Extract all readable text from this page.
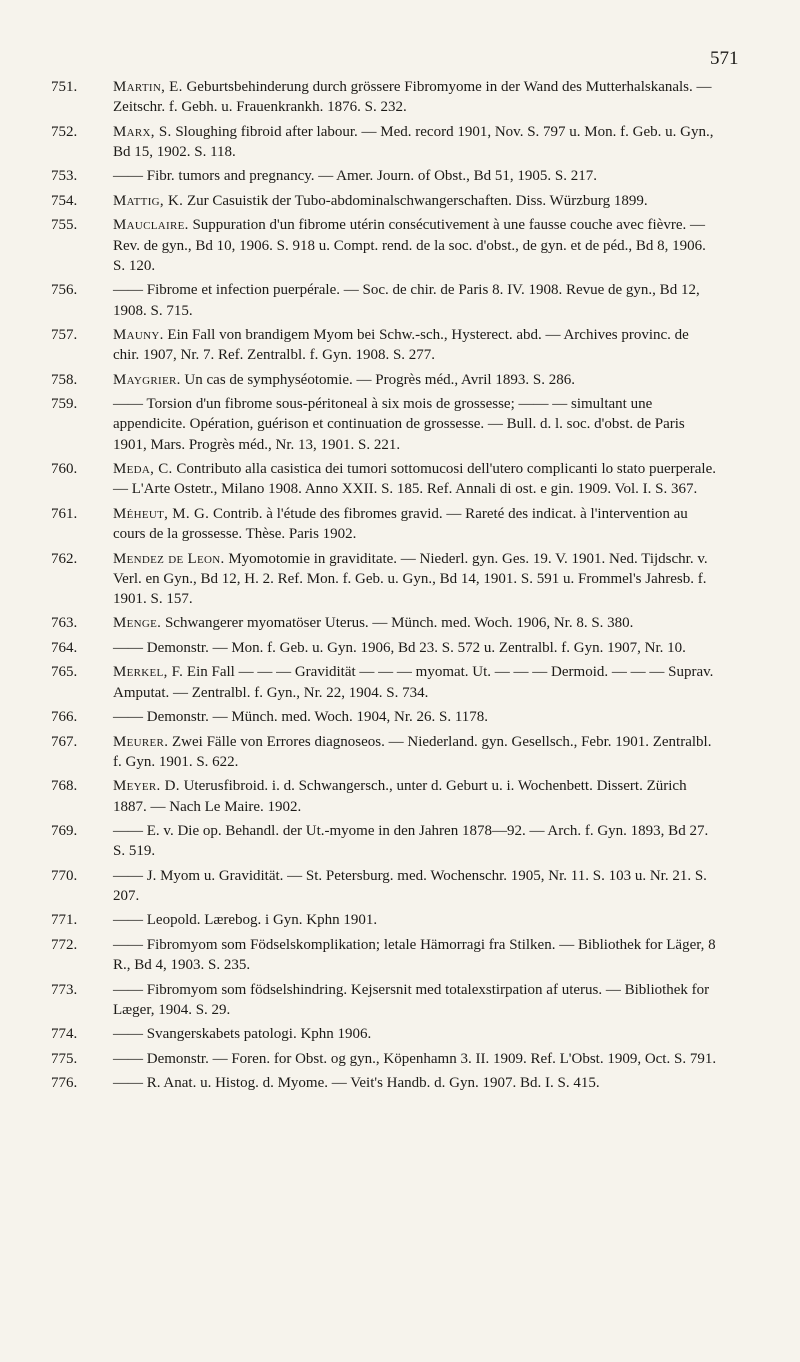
571
751. Martin, E. Geburtsbehinderung durch grössere Fibromyome in der Wand des Mutterhalskanals. — Zeitschr. f. Gebh. u. Frauenkrankh. 1876. S. 232.
752. Marx, S. Sloughing fibroid after labour. — Med. record 1901, Nov. S. 797 u. Mon. f. Geb. u. Gyn., Bd 15, 1902. S. 118.
753. —— Fibr. tumors and pregnancy. — Amer. Journ. of Obst., Bd 51, 1905. S. 217.
754. Mattig, K. Zur Casuistik der Tubo-abdominalschwangerschaften. Diss. Würzburg 1899.
755. Mauclaire. Suppuration d'un fibrome utérin consécutivement à une fausse couche avec fièvre. — Rev. de gyn., Bd 10, 1906. S. 918 u. Compt. rend. de la soc. d'obst., de gyn. et de péd., Bd 8, 1906. S. 120.
756. —— Fibrome et infection puerpérale. — Soc. de chir. de Paris 8. IV. 1908. Revue de gyn., Bd 12, 1908. S. 715.
757. Mauny. Ein Fall von brandigem Myom bei Schw.-sch., Hysterect. abd. — Archives provinc. de chir. 1907, Nr. 7. Ref. Zentralbl. f. Gyn. 1908. S. 277.
758. Maygrier. Un cas de symphyséotomie. — Progrès méd., Avril 1893. S. 286.
759. —— Torsion d'un fibrome sous-péritoneal à six mois de grossesse; —— — simultant une appendicite. Opération, guérison et continuation de grossesse. — Bull. d. l. soc. d'obst. de Paris 1901, Mars. Progrès méd., Nr. 13, 1901. S. 221.
760. Meda, C. Contributo alla casistica dei tumori sottomucosi dell'utero complicanti lo stato puerperale. — L'Arte Ostetr., Milano 1908. Anno XXII. S. 185. Ref. Annali di ost. e gin. 1909. Vol. I. S. 367.
761. Méheut, M. G. Contrib. à l'étude des fibromes gravid. — Rareté des indicat. à l'intervention au cours de la grossesse. Thèse. Paris 1902.
762. Mendez de Leon. Myomotomie in graviditate. — Niederl. gyn. Ges. 19. V. 1901. Ned. Tijdschr. v. Verl. en Gyn., Bd 12, H. 2. Ref. Mon. f. Geb. u. Gyn., Bd 14, 1901. S. 591 u. Frommel's Jahresb. f. 1901. S. 157.
763. Menge. Schwangerer myomatöser Uterus. — Münch. med. Woch. 1906, Nr. 8. S. 380.
764. —— Demonstr. — Mon. f. Geb. u. Gyn. 1906, Bd 23. S. 572 u. Zentralbl. f. Gyn. 1907, Nr. 10.
765. Merkel, F. Ein Fall — — — Gravidität — — — myomat. Ut. — — — Dermoid. — — — Suprav. Amputat. — Zentralbl. f. Gyn., Nr. 22, 1904. S. 734.
766. —— Demonstr. — Münch. med. Woch. 1904, Nr. 26. S. 1178.
767. Meurer. Zwei Fälle von Errores diagnoseos. — Niederland. gyn. Gesellsch., Febr. 1901. Zentralbl. f. Gyn. 1901. S. 622.
768. Meyer. D. Uterusfibroid. i. d. Schwangersch., unter d. Geburt u. i. Wochenbett. Dissert. Zürich 1887. — Nach Le Maire. 1902.
769. —— E. v. Die op. Behandl. der Ut.-myome in den Jahren 1878—92. — Arch. f. Gyn. 1893, Bd 27. S. 519.
770. —— J. Myom u. Gravidität. — St. Petersburg. med. Wochenschr. 1905, Nr. 11. S. 103 u. Nr. 21. S. 207.
771. —— Leopold. Lærebog. i Gyn. Kphn 1901.
772. —— Fibromyom som Födselskomplikation; letale Hämorragi fra Stilken. — Bibliothek for Läger, 8 R., Bd 4, 1903. S. 235.
773. —— Fibromyom som födselshindring. Kejsersnit med totalexstirpation af uterus. — Bibliothek for Læger, 1904. S. 29.
774. —— Svangerskabets patologi. Kphn 1906.
775. —— Demonstr. — Foren. for Obst. og gyn., Köpenhamn 3. II. 1909. Ref. L'Obst. 1909, Oct. S. 791.
776. —— R. Anat. u. Histog. d. Myome. — Veit's Handb. d. Gyn. 1907. Bd. I. S. 415.
